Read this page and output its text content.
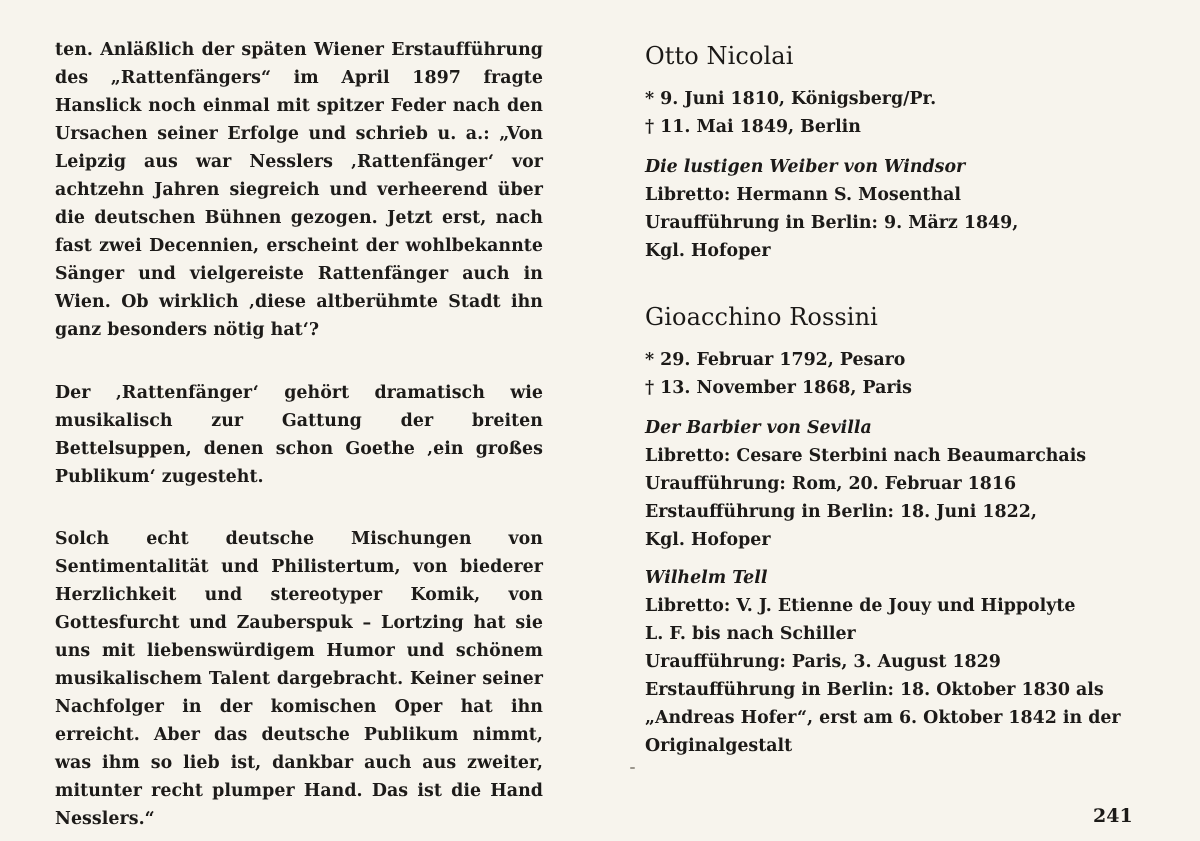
ten. Anläßlich der späten Wiener Erstaufführung des „Rattenfängers“ im April 1897 fragte Hanslick noch einmal mit spitzer Feder nach den Ursachen seiner Erfolge und schrieb u. a.: „Von Leipzig aus war Nesslers ‚Rattenfänger‘ vor achtzehn Jahren siegreich und verheerend über die deutschen Bühnen gezogen. Jetzt erst, nach fast zwei Decennien, erscheint der wohlbekannte Sänger und vielgereiste Rattenfänger auch in Wien. Ob wirklich ‚diese altberühmte Stadt ihn ganz besonders nötig hat‘?

Der ‚Rattenfänger‘ gehört dramatisch wie musikalisch zur Gattung der breiten Bettelsuppen, denen schon Goethe ‚ein großes Publikum‘ zugesteht.

Solch echt deutsche Mischungen von Sentimentalität und Philistertum, von biederer Herzlichkeit und stereotyper Komik, von Gottesfurcht und Zauberspuk – Lortzing hat sie uns mit liebenswürdigem Humor und schönem musikalischem Talent dargebracht. Keiner seiner Nachfolger in der komischen Oper hat ihn erreicht. Aber das deutsche Publikum nimmt, was ihm so lieb ist, dankbar auch aus zweiter, mitunter recht plumper Hand. Das ist die Hand Nesslers.“

Otto Nicolai
* 9. Juni 1810, Königsberg/Pr.
† 11. Mai 1849, Berlin
Die lustigen Weiber von Windsor
Libretto: Hermann S. Mosenthal
Uraufführung in Berlin: 9. März 1849,
Kgl. Hofoper
Gioacchino Rossini
* 29. Februar 1792, Pesaro
† 13. November 1868, Paris
Der Barbier von Sevilla
Libretto: Cesare Sterbini nach Beaumarchais
Uraufführung: Rom, 20. Februar 1816
Erstaufführung in Berlin: 18. Juni 1822,
Kgl. Hofoper
Wilhelm Tell
Libretto: V. J. Etienne de Jouy und Hippolyte
L. F. bis nach Schiller
Uraufführung: Paris, 3. August 1829
Erstaufführung in Berlin: 18. Oktober 1830 als
„Andreas Hofer“, erst am 6. Oktober 1842 in der
Originalgestalt
241
